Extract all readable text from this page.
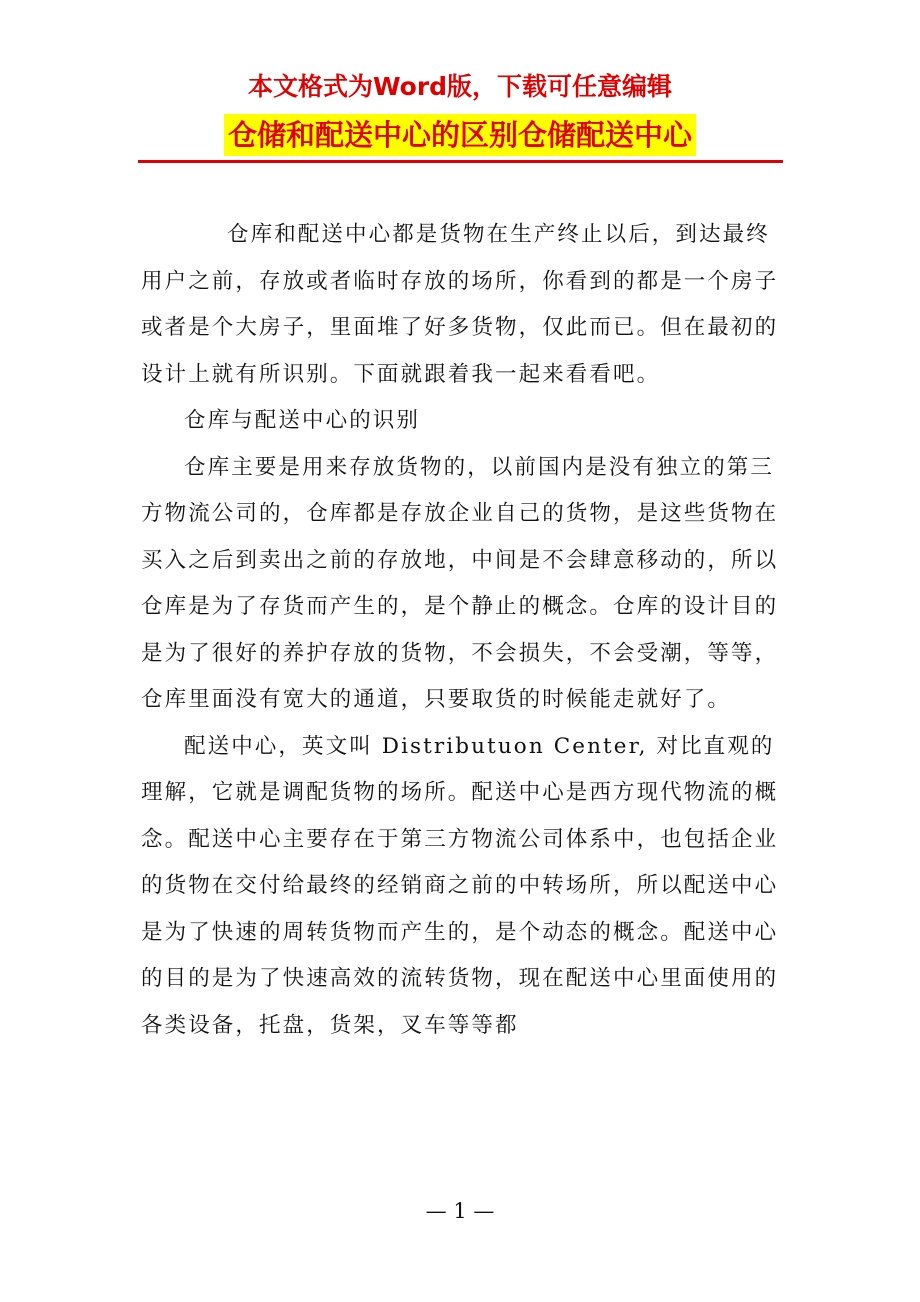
本文格式为Word版，下载可任意编辑
仓储和配送中心的区别仓储配送中心

仓库和配送中心都是货物在生产终止以后，到达最终用户之前，存放或者临时存放的场所，你看到的都是一个房子或者是个大房子，里面堆了好多货物，仅此而已。但在最初的设计上就有所识别。下面就跟着我一起来看看吧。

仓库与配送中心的识别

仓库主要是用来存放货物的，以前国内是没有独立的第三方物流公司的，仓库都是存放企业自己的货物，是这些货物在买入之后到卖出之前的存放地，中间是不会肆意移动的，所以仓库是为了存货而产生的，是个静止的概念。仓库的设计目的是为了很好的养护存放的货物，不会损失，不会受潮，等等，仓库里面没有宽大的通道，只要取货的时候能走就好了。

配送中心，英文叫 Distributuon Center, 对比直观的理解，它就是调配货物的场所。配送中心是西方现代物流的概念。配送中心主要存在于第三方物流公司体系中，也包括企业的货物在交付给最终的经销商之前的中转场所，所以配送中心是为了快速的周转货物而产生的，是个动态的概念。配送中心的目的是为了快速高效的流转货物，现在配送中心里面使用的各类设备，托盘，货架，叉车等等都

— 1 —
